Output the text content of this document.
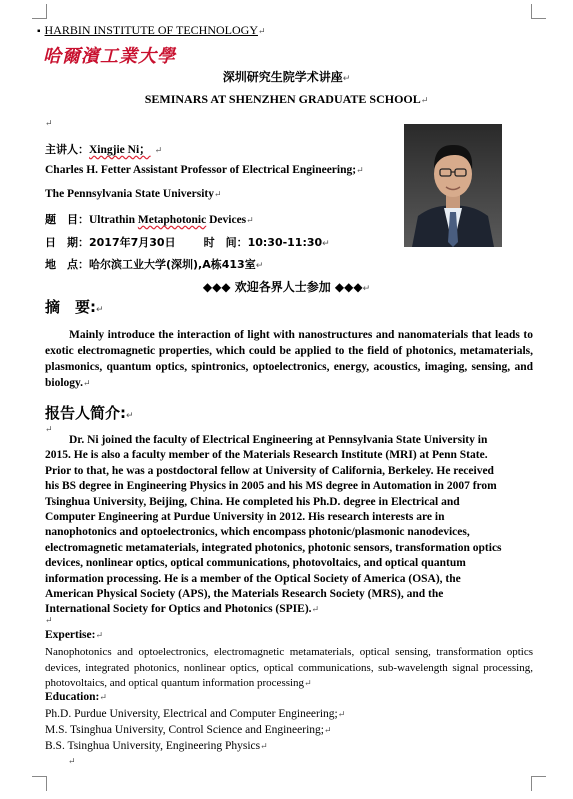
▪ HARBIN INSTITUTE OF TECHNOLOGY↵
哈爾濱工業大學
深圳研究生院学术讲座↵
SEMINARS AT SHENZHEN GRADUATE SCHOOL↵
↵
主讲人：Xingjie Ni； ↵
Charles H. Fetter Assistant Professor of Electrical Engineering;↵
The Pennsylvania State University↵
题　目：Ultrathin Metaphotonic Devices↵
日　期：2017年7月30日	时　间：10:30-11:30↵
地　点：哈尔滨工业大学(深圳),A栋413室↵
◆◆◆ 欢迎各界人士参加 ◆◆◆↵
摘　要:↵
Mainly introduce the interaction of light with nanostructures and nanomaterials that leads to exotic electromagnetic properties, which could be applied to the field of photonics, metamaterials, plasmonics, quantum optics, spintronics, optoelectronics, energy, acoustics, imaging, sensing, and biology.↵
报告人简介:↵
↵
Dr. Ni joined the faculty of Electrical Engineering at Pennsylvania State University in 2015. He is also a faculty member of the Materials Research Institute (MRI) at Penn State. Prior to that, he was a postdoctoral fellow at University of California, Berkeley. He received his BS degree in Engineering Physics in 2005 and his MS degree in Automation in 2007 from Tsinghua University, Beijing, China. He completed his Ph.D. degree in Electrical and Computer Engineering at Purdue University in 2012. His research interests are in nanophotonics and optoelectronics, which encompass photonic/plasmonic nanodevices, electromagnetic metamaterials, integrated photonics, photonic sensors, transformation optics devices, nonlinear optics, optical communications, photovoltaics, and optical quantum information processing. He is a member of the Optical Society of America (OSA), the American Physical Society (APS), the Materials Research Society (MRS), and the International Society for Optics and Photonics (SPIE).↵
↵
Expertise:↵
Nanophotonics and optoelectronics, electromagnetic metamaterials, optical sensing, transformation optics devices, integrated photonics, nonlinear optics, optical communications, sub-wavelength signal processing, photovoltaics, and optical quantum information processing↵
Education:↵
Ph.D. Purdue University, Electrical and Computer Engineering;↵
M.S. Tsinghua University, Control Science and Engineering;↵
B.S. Tsinghua University, Engineering Physics↵
↵
